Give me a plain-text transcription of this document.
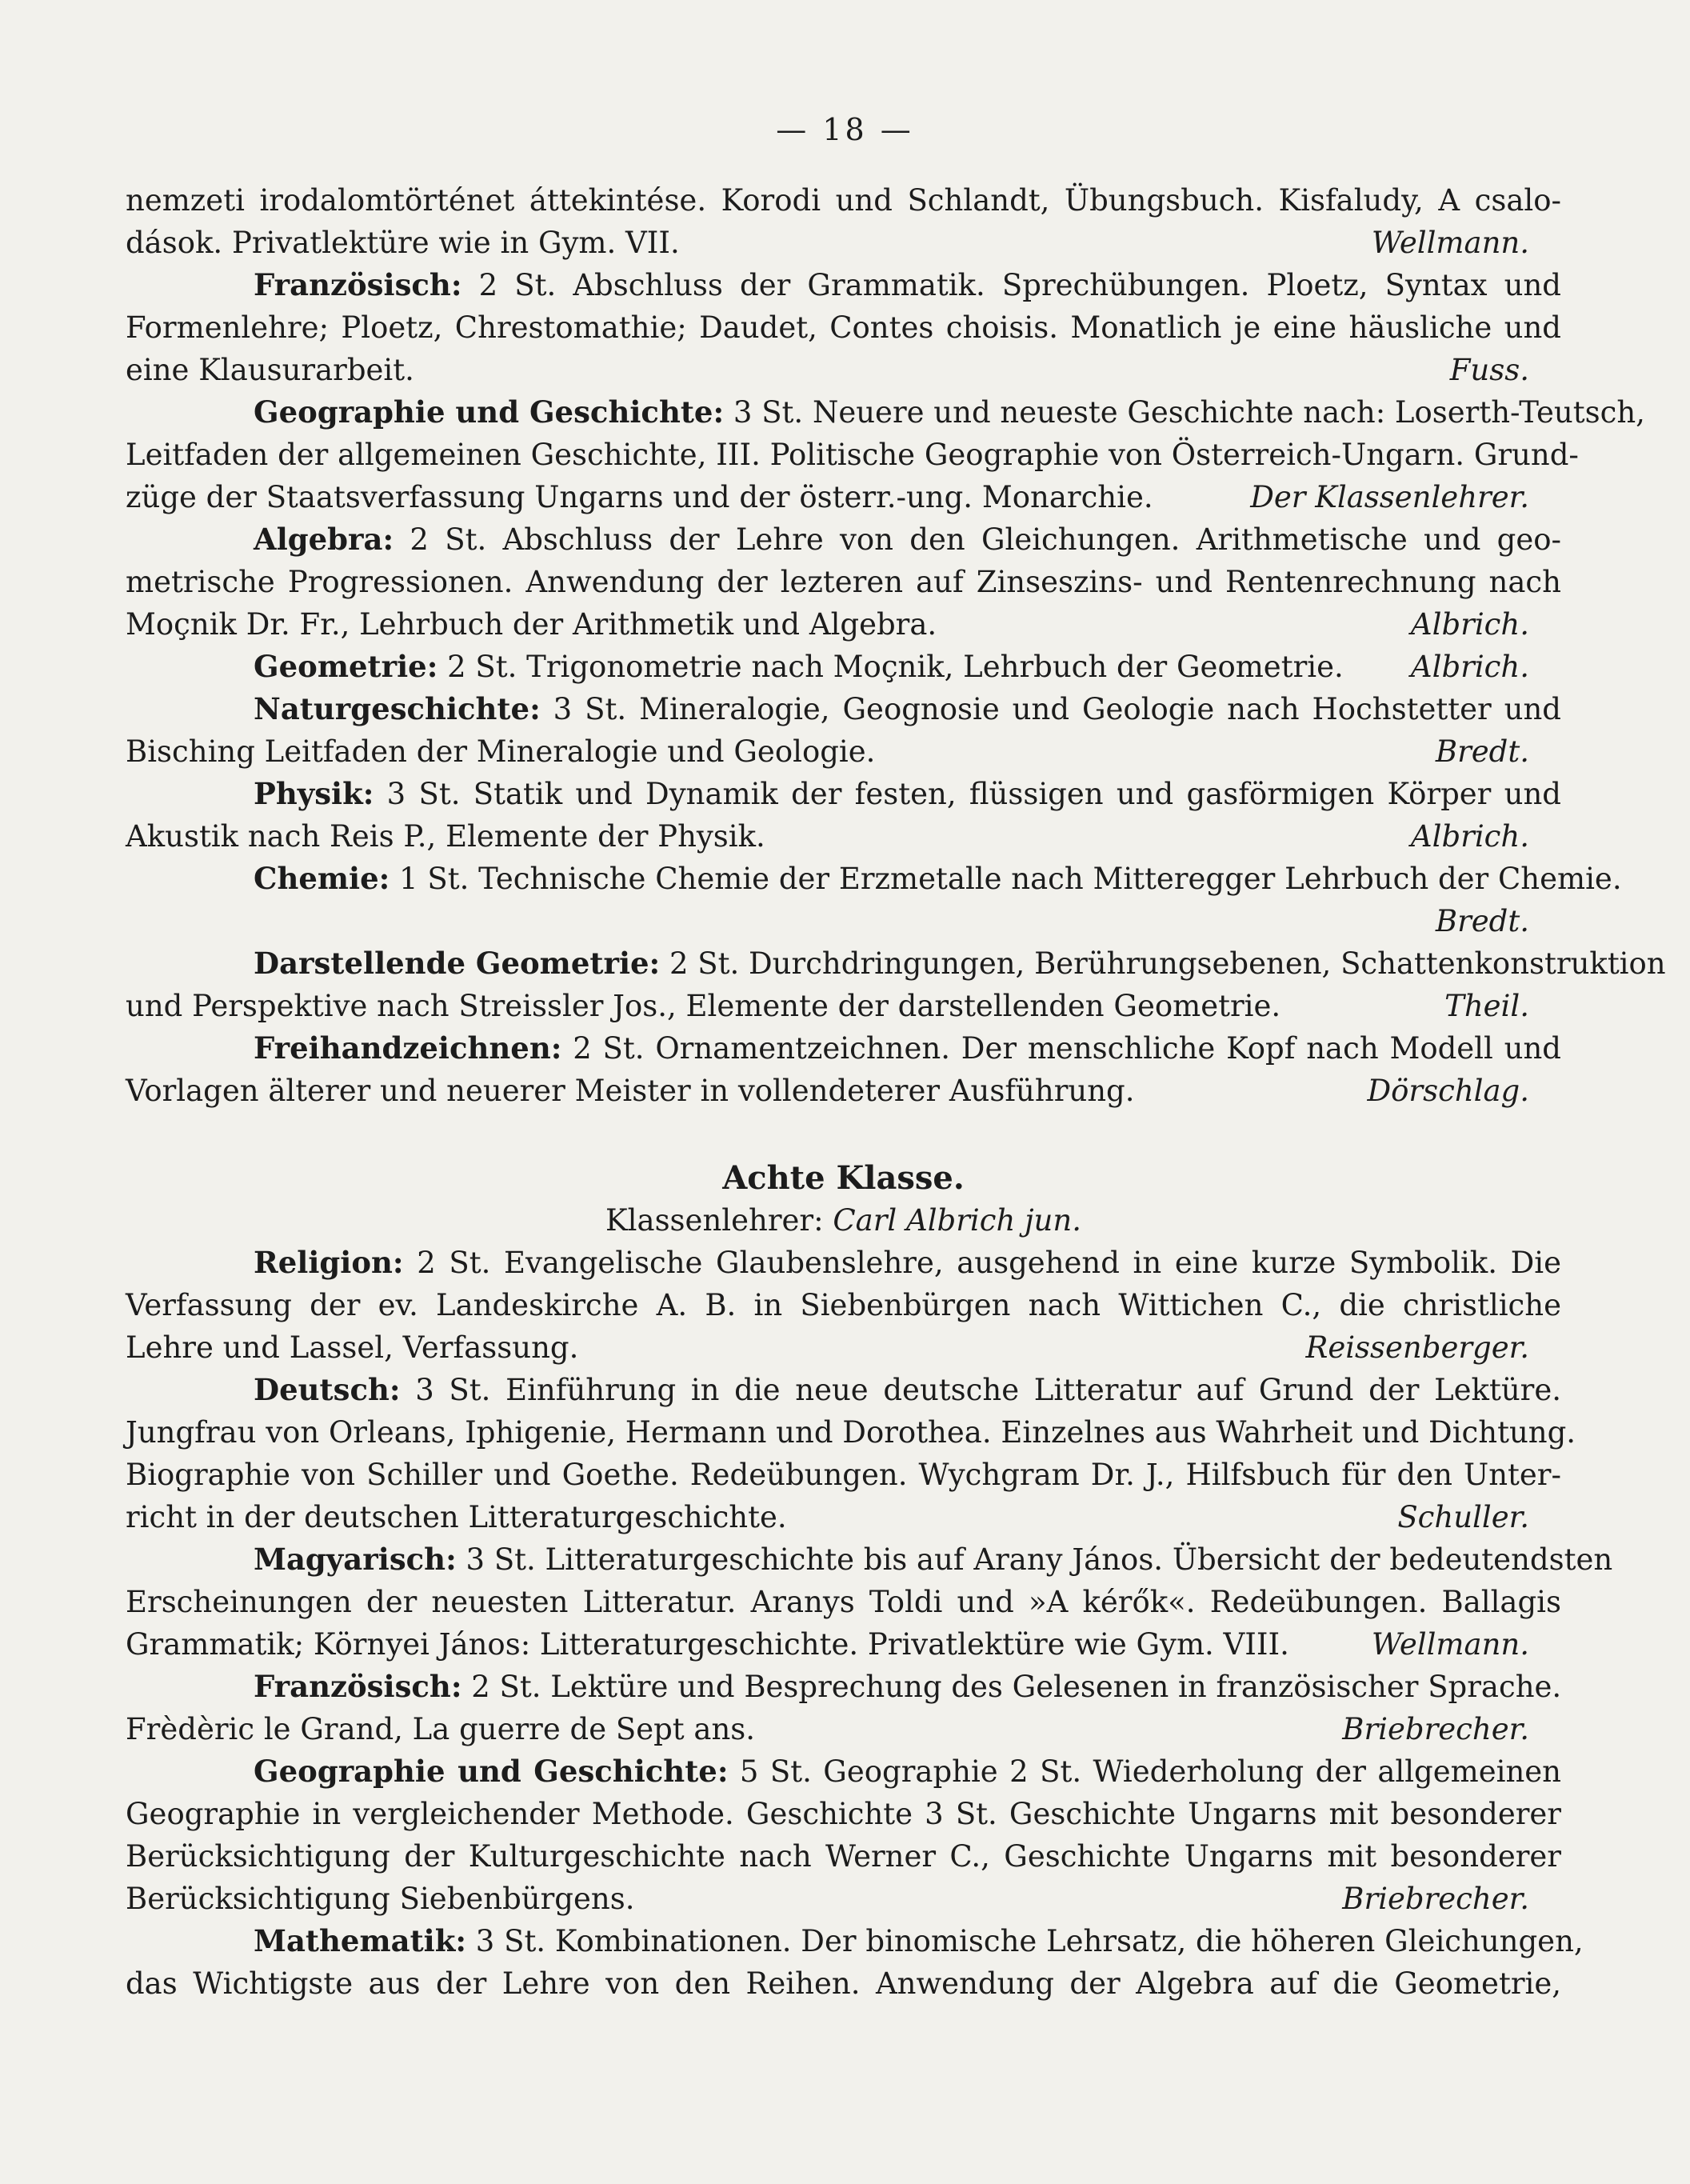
— 18 —

nemzeti irodalomtörténet áttekintése. Korodi und Schlandt, Übungsbuch. Kisfaludy, A csalo-

dások. Privatlektüre wie in Gym. VII.	Wellmann.

Französisch: 2 St. Abschluss der Grammatik. Sprechübungen. Ploetz, Syntax und

Formenlehre; Ploetz, Chrestomathie; Daudet, Contes choisis. Monatlich je eine häusliche und

eine Klausurarbeit.	Fuss.

Geographie und Geschichte: 3 St. Neuere und neueste Geschichte nach: Loserth-Teutsch,

Leitfaden der allgemeinen Geschichte, III. Politische Geographie von Österreich-Ungarn. Grund-

züge der Staatsverfassung Ungarns und der österr.-ung. Monarchie.	Der Klassenlehrer.

Algebra: 2 St. Abschluss der Lehre von den Gleichungen. Arithmetische und geo-

metrische Progressionen. Anwendung der lezteren auf Zinseszins- und Rentenrechnung nach

Moçnik Dr. Fr., Lehrbuch der Arithmetik und Algebra.	Albrich.

Geometrie: 2 St. Trigonometrie nach Moçnik, Lehrbuch der Geometrie. Albrich.

Naturgeschichte: 3 St. Mineralogie, Geognosie und Geologie nach Hochstetter und

Bisching Leitfaden der Mineralogie und Geologie.	Bredt.

Physik: 3 St. Statik und Dynamik der festen, flüssigen und gasförmigen Körper und

Akustik nach Reis P., Elemente der Physik.	Albrich.

Chemie: 1 St. Technische Chemie der Erzmetalle nach Mitteregger Lehrbuch der Chemie.

Bredt.

Darstellende Geometrie: 2 St. Durchdringungen, Berührungsebenen, Schattenkonstruktion

und Perspektive nach Streissler Jos., Elemente der darstellenden Geometrie.	Theil.

Freihandzeichnen: 2 St. Ornamentzeichnen. Der menschliche Kopf nach Modell und

Vorlagen älterer und neuerer Meister in vollendeterer Ausführung.	Dörschlag.

Achte Klasse.

Klassenlehrer: Carl Albrich jun.

Religion: 2 St. Evangelische Glaubenslehre, ausgehend in eine kurze Symbolik. Die

Verfassung der ev. Landeskirche A. B. in Siebenbürgen nach Wittichen C., die christliche

Lehre und Lassel, Verfassung.	Reissenberger.

Deutsch: 3 St. Einführung in die neue deutsche Litteratur auf Grund der Lektüre.

Jungfrau von Orleans, Iphigenie, Hermann und Dorothea. Einzelnes aus Wahrheit und Dichtung.

Biographie von Schiller und Goethe. Redeübungen. Wychgram Dr. J., Hilfsbuch für den Unter-

richt in der deutschen Litteraturgeschichte.	Schuller.

Magyarisch: 3 St. Litteraturgeschichte bis auf Arany János. Übersicht der bedeutendsten

Erscheinungen der neuesten Litteratur. Aranys Toldi und »A kérők«. Redeübungen. Ballagis

Grammatik; Környei János: Litteraturgeschichte. Privatlektüre wie Gym. VIII.	Wellmann.

Französisch: 2 St. Lektüre und Besprechung des Gelesenen in französischer Sprache.

Frèdèric le Grand, La guerre de Sept ans.	Briebrecher.

Geographie und Geschichte: 5 St. Geographie 2 St. Wiederholung der allgemeinen

Geographie in vergleichender Methode. Geschichte 3 St. Geschichte Ungarns mit besonderer

Berücksichtigung der Kulturgeschichte nach Werner C., Geschichte Ungarns mit besonderer

Berücksichtigung Siebenbürgens.	Briebrecher.

Mathematik: 3 St. Kombinationen. Der binomische Lehrsatz, die höheren Gleichungen,

das Wichtigste aus der Lehre von den Reihen. Anwendung der Algebra auf die Geometrie,
